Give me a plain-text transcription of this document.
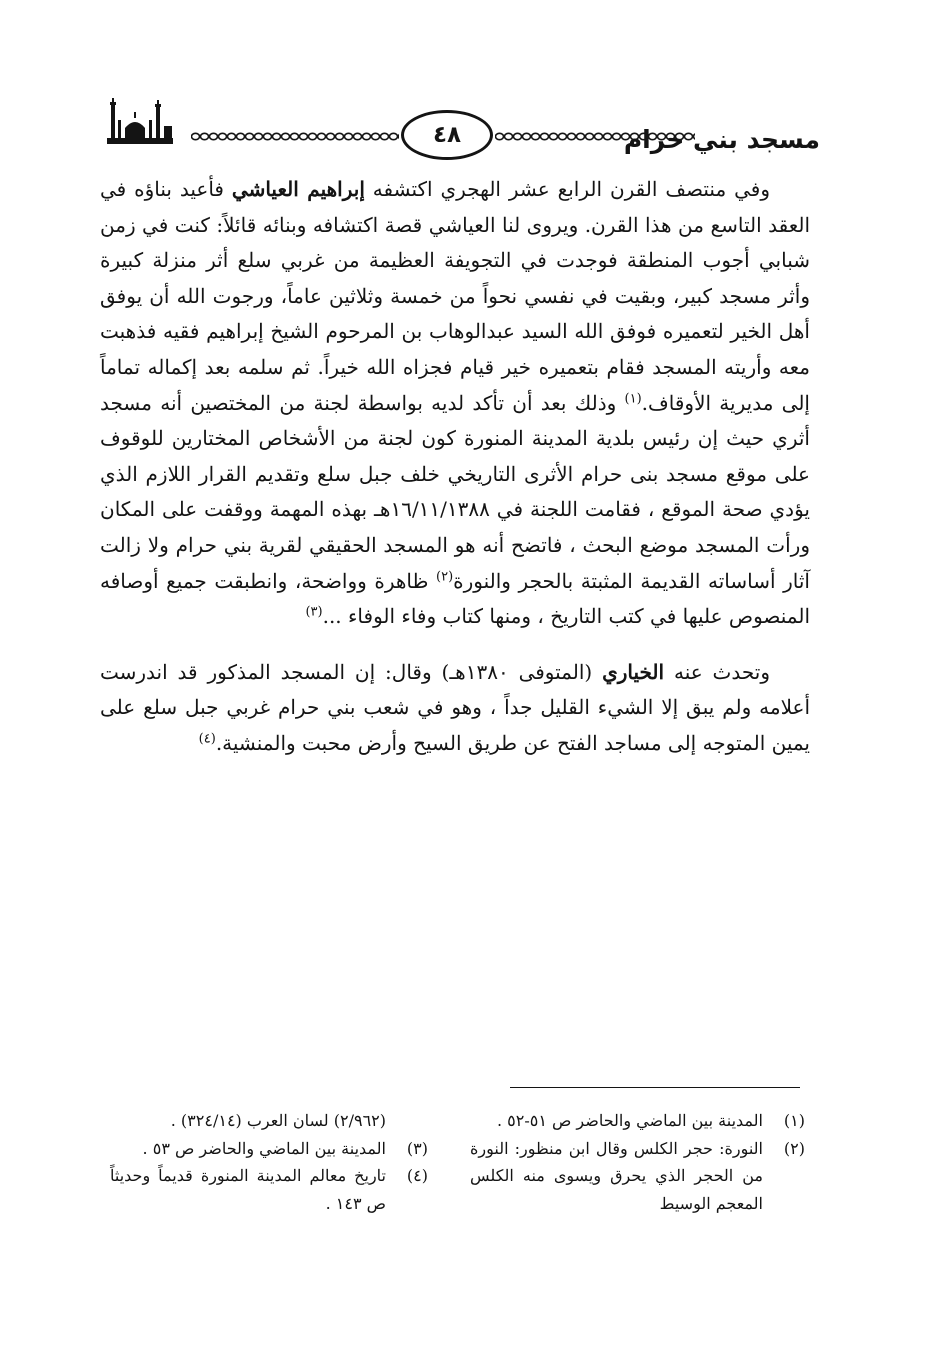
٤٨	مسجد بني حرام

وفي منتصف القرن الرابع عشر الهجري اكتشفه إبراهيم العياشي فأعيد بناؤه في العقد التاسع من هذا القرن. ويروى لنا العياشي قصة اكتشافه وبنائه قائلاً: كنت في زمن شبابي أجوب المنطقة فوجدت في التجويفة العظيمة من غربي سلع أثر منزلة كبيرة وأثر مسجد كبير، وبقيت في نفسي نحواً من خمسة وثلاثين عاماً، ورجوت الله أن يوفق أهل الخير لتعميره فوفق الله السيد عبدالوهاب بن المرحوم الشيخ إبراهيم فقيه فذهبت معه وأريته المسجد فقام بتعميره خير قيام فجزاه الله خيراً. ثم سلمه بعد إكماله تماماً إلى مديرية الأوقاف.$^{(١)}$ وذلك بعد أن تأكد لديه بواسطة لجنة من المختصين أنه مسجد أثري حيث إن رئيس بلدية المدينة المنورة كون لجنة من الأشخاص المختارين للوقوف على موقع مسجد بنى حرام الأثرى التاريخي خلف جبل سلع وتقديم القرار اللازم الذي يؤدي صحة الموقع ، فقامت اللجنة في ١٦/١١/١٣٨٨هـ بهذه المهمة ووقفت على المكان ورأت المسجد موضع البحث ، فاتضح أنه هو المسجد الحقيقي لقرية بني حرام ولا زالت آثار أساساته القديمة المثبتة بالحجر والنورة$^{(٢)}$ ظاهرة وواضحة، وانطبقت جميع أوصافه المنصوص عليها في كتب التاريخ ، ومنها كتاب وفاء الوفاء ...$^{(٣)}$

وتحدث عنه الخياري (المتوفى ١٣٨٠هـ) وقال: إن المسجد المذكور قد اندرست أعلامه ولم يبق إلا الشيء القليل جداً ، وهو في شعب بني حرام غربي جبل سلع على يمين المتوجه إلى مساجد الفتح عن طريق السيح وأرض محبت والمنشية.$^{(٤)}$

(١)
المدينة بين الماضي والحاضر ص ٥١-٥٢ .

(٢)
النورة: حجر الكلس وقال ابن منظور: النورة من الحجر الذي يحرق ويسوى منه الكلس المعجم الوسيط

(٢/٩٦٢) لسان العرب (٣٢٤/١٤) .

(٣)
المدينة بين الماضي والحاضر ص ٥٣ .

(٤)
تاريخ معالم المدينة المنورة قديماً وحديثاً ص ١٤٣ .
